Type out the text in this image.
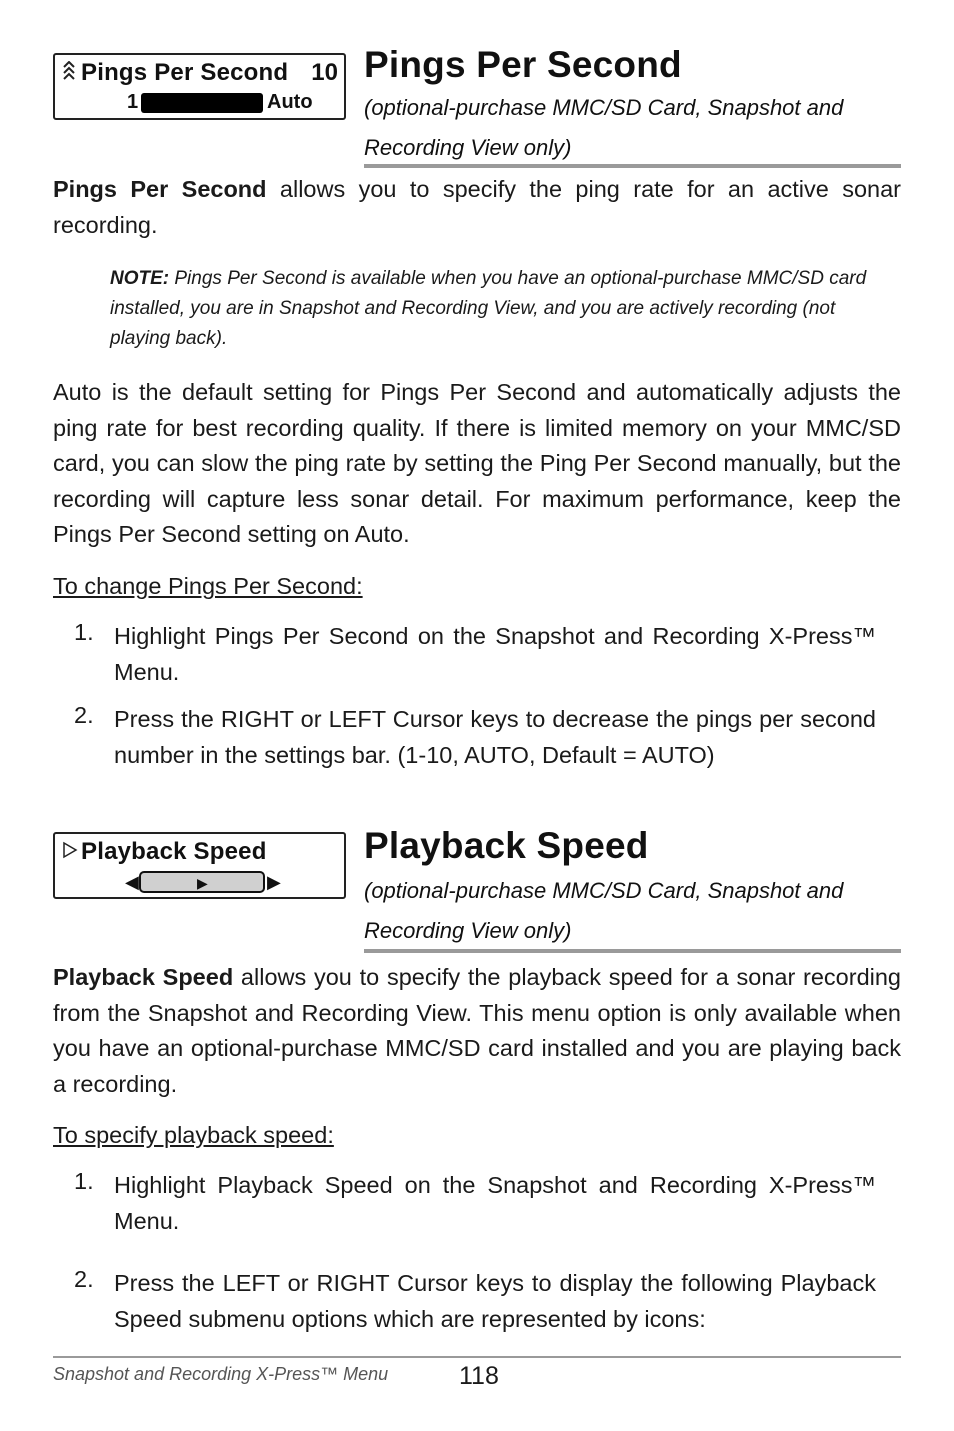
Pings Per Second 10
1	Auto
Pings Per Second
(optional-purchase MMC/SD Card, Snapshot and Recording View only)
Pings Per Second allows you to specify the ping rate for an active sonar recording.
NOTE: Pings Per Second is available when you have an optional-purchase MMC/SD card installed, you are in Snapshot and Recording View, and you are actively recording (not playing back).
Auto is the default setting for Pings Per Second and automatically adjusts the ping rate for best recording quality. If there is limited memory on your MMC/SD card, you can slow the ping rate by setting the Ping Per Second manually, but the recording will capture less sonar detail. For maximum performance, keep the Pings Per Second setting on Auto.
To change Pings Per Second:
1. Highlight Pings Per Second on the Snapshot and Recording X-Press™ Menu.
2. Press the RIGHT or LEFT Cursor keys to decrease the pings per second number in the settings bar. (1-10, AUTO, Default = AUTO)
Playback Speed
◀	▶	▶
Playback Speed
(optional-purchase MMC/SD Card, Snapshot and Recording View only)
Playback Speed allows you to specify the playback speed for a sonar recording from the Snapshot and Recording View. This menu option is only available when you have an optional-purchase MMC/SD card installed and you are playing back a recording.
To specify playback speed:
1. Highlight Playback Speed on the Snapshot and Recording X-Press™ Menu.
2. Press the LEFT or RIGHT Cursor keys to display the following Playback Speed submenu options which are represented by icons:
Snapshot and Recording X-Press™ Menu	118
